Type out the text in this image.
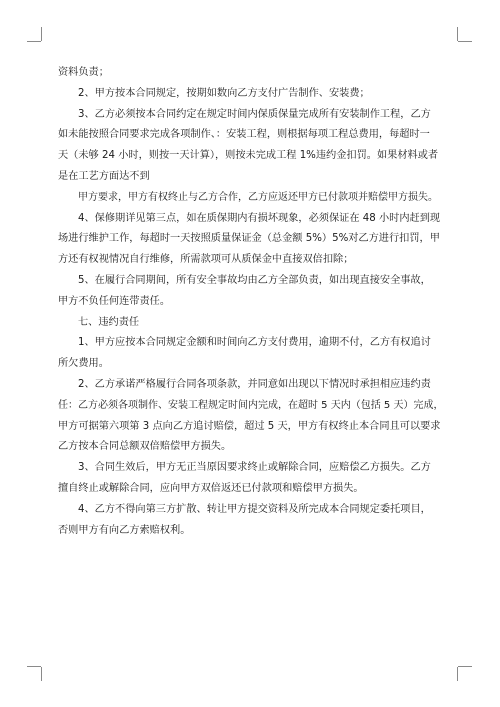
资料负责；
2、甲方按本合同规定，按期如数向乙方支付广告制作、安装费；
3、乙方必须按本合同约定在规定时间内保质保量完成所有安装制作工程，乙方
如未能按照合同要求完成各项制作、：安装工程，则根据每项工程总费用，每超时一
天（未够 24 小时，则按一天计算），则按未完成工程 1%违约金扣罚。如果材料或者
是在工艺方面达不到
甲方要求，甲方有权终止与乙方合作，乙方应返还甲方已付款项并赔偿甲方损失。
4、保修期详见第三点，如在质保期内有损坏现象，必须保证在 48 小时内赶到现
场进行维护工作，每超时一天按照质量保证金（总金额 5%）5%对乙方进行扣罚，甲
方还有权视情况自行维修，所需款项可从质保金中直接双倍扣除；
5、在履行合同期间，所有安全事故均由乙方全部负责，如出现直接安全事故，
甲方不负任何连带责任。
七、违约责任
1、甲方应按本合同规定金额和时间向乙方支付费用，逾期不付，乙方有权追讨
所欠费用。
2、乙方承诺严格履行合同各项条款，并同意如出现以下情况时承担相应违约责
任：乙方必须各项制作、安装工程规定时间内完成，在超时 5 天内（包括 5 天）完成，
甲方可据第六项第 3 点向乙方追讨赔偿，超过 5 天，甲方有权终止本合同且可以要求
乙方按本合同总额双倍赔偿甲方损失。
3、合同生效后，甲方无正当原因要求终止或解除合同，应赔偿乙方损失。乙方
擅自终止或解除合同，应向甲方双倍返还已付款项和赔偿甲方损失。
4、乙方不得向第三方扩散、转让甲方提交资料及所完成本合同规定委托项目，
否则甲方有向乙方索赔权利。
